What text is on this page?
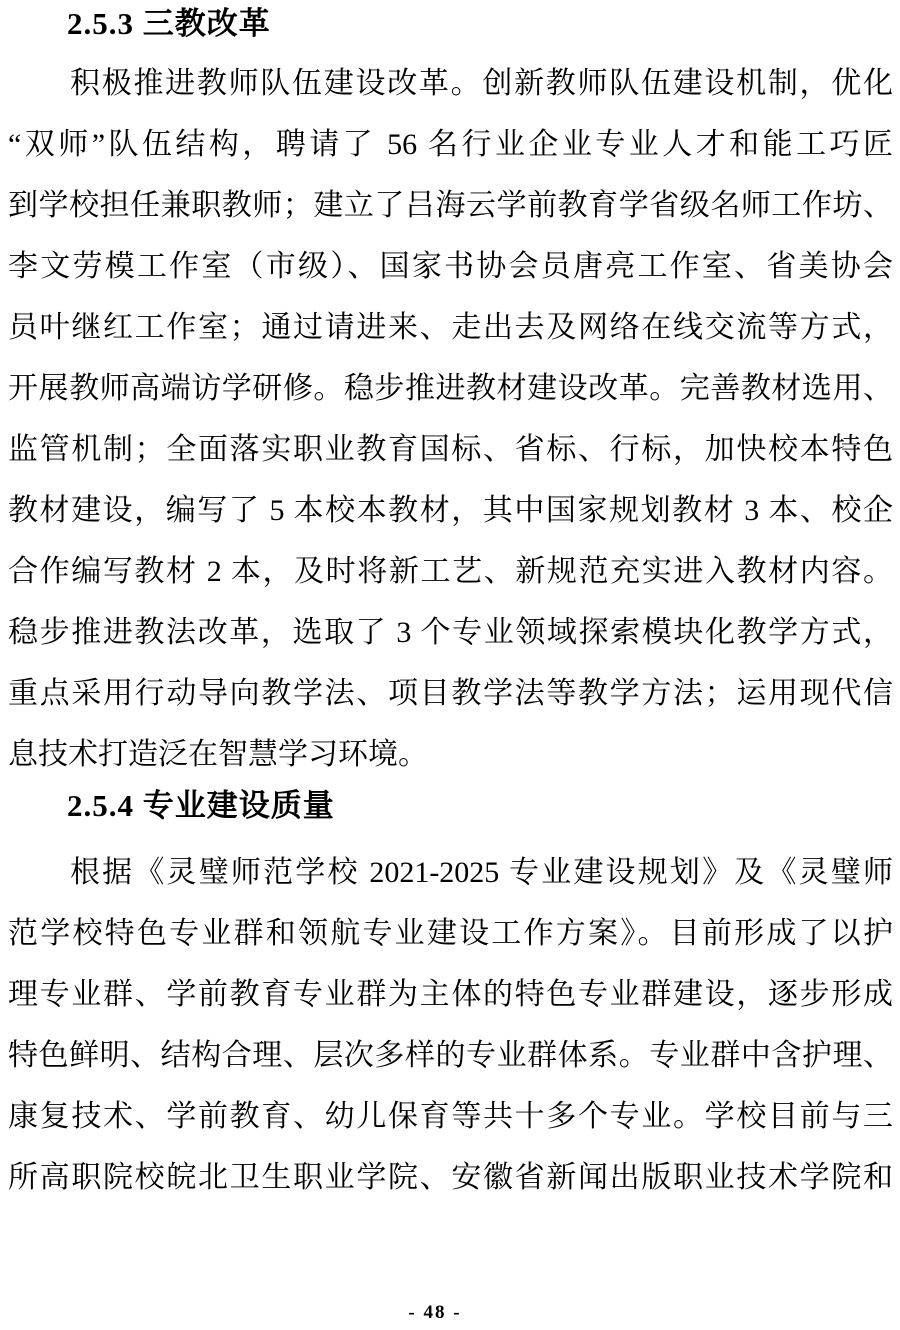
2.5.3 三教改革
积极推进教师队伍建设改革。创新教师队伍建设机制，优化
“双师”队伍结构，聘请了 56 名行业企业专业人才和能工巧匠
到学校担任兼职教师；建立了吕海云学前教育学省级名师工作坊、
李文劳模工作室（市级）、国家书协会员唐亮工作室、省美协会
员叶继红工作室；通过请进来、走出去及网络在线交流等方式，
开展教师高端访学研修。稳步推进教材建设改革。完善教材选用、
监管机制；全面落实职业教育国标、省标、行标，加快校本特色
教材建设，编写了 5 本校本教材，其中国家规划教材 3 本、校企
合作编写教材 2 本，及时将新工艺、新规范充实进入教材内容。
稳步推进教法改革，选取了 3 个专业领域探索模块化教学方式，
重点采用行动导向教学法、项目教学法等教学方法；运用现代信
息技术打造泛在智慧学习环境。
2.5.4 专业建设质量
根据《灵璧师范学校 2021-2025 专业建设规划》及《灵璧师
范学校特色专业群和领航专业建设工作方案》。目前形成了以护
理专业群、学前教育专业群为主体的特色专业群建设，逐步形成
特色鲜明、结构合理、层次多样的专业群体系。专业群中含护理、
康复技术、学前教育、幼儿保育等共十多个专业。学校目前与三
所高职院校皖北卫生职业学院、安徽省新闻出版职业技术学院和
- 48 -
